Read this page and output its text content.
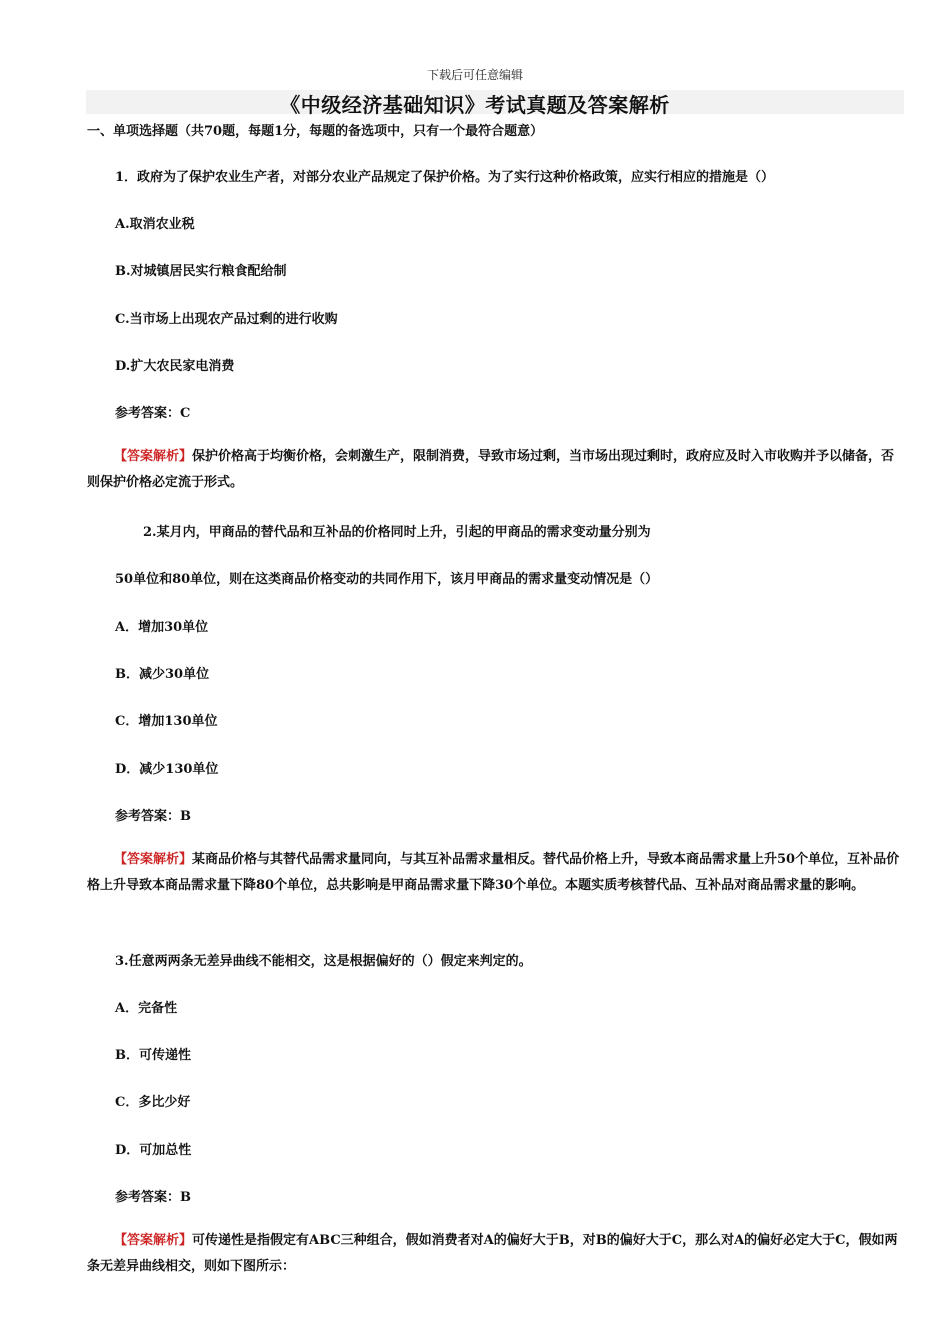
下载后可任意编辑
《中级经济基础知识》考试真题及答案解析
一、单项选择题（共70题，每题1分，每题的备选项中，只有一个最符合题意）
1．政府为了保护农业生产者，对部分农业产品规定了保护价格。为了实行这种价格政策，应实行相应的措施是（）
A.取消农业税
B.对城镇居民实行粮食配给制
C.当市场上出现农产品过剩的进行收购
D.扩大农民家电消费
参考答案：C
【答案解析】保护价格高于均衡价格，会刺激生产，限制消费，导致市场过剩，当市场出现过剩时，政府应及时入市收购并予以储备，否则保护价格必定流于形式。
2.某月内，甲商品的替代品和互补品的价格同时上升，引起的甲商品的需求变动量分别为
50单位和80单位，则在这类商品价格变动的共同作用下，该月甲商品的需求量变动情况是（）
A．增加30单位
B．减少30单位
C．增加130单位
D．减少130单位
参考答案：B
【答案解析】某商品价格与其替代品需求量同向，与其互补品需求量相反。替代品价格上升，导致本商品需求量上升50个单位，互补品价格上升导致本商品需求量下降80个单位，总共影响是甲商品需求量下降30个单位。本题实质考核替代品、互补品对商品需求量的影响。
3.任意两两条无差异曲线不能相交，这是根据偏好的（）假定来判定的。
A．完备性
B．可传递性
C．多比少好
D．可加总性
参考答案：B
【答案解析】可传递性是指假定有ABC三种组合，假如消费者对A的偏好大于B，对B的偏好大于C，那么对A的偏好必定大于C，假如两条无差异曲线相交，则如下图所示：
